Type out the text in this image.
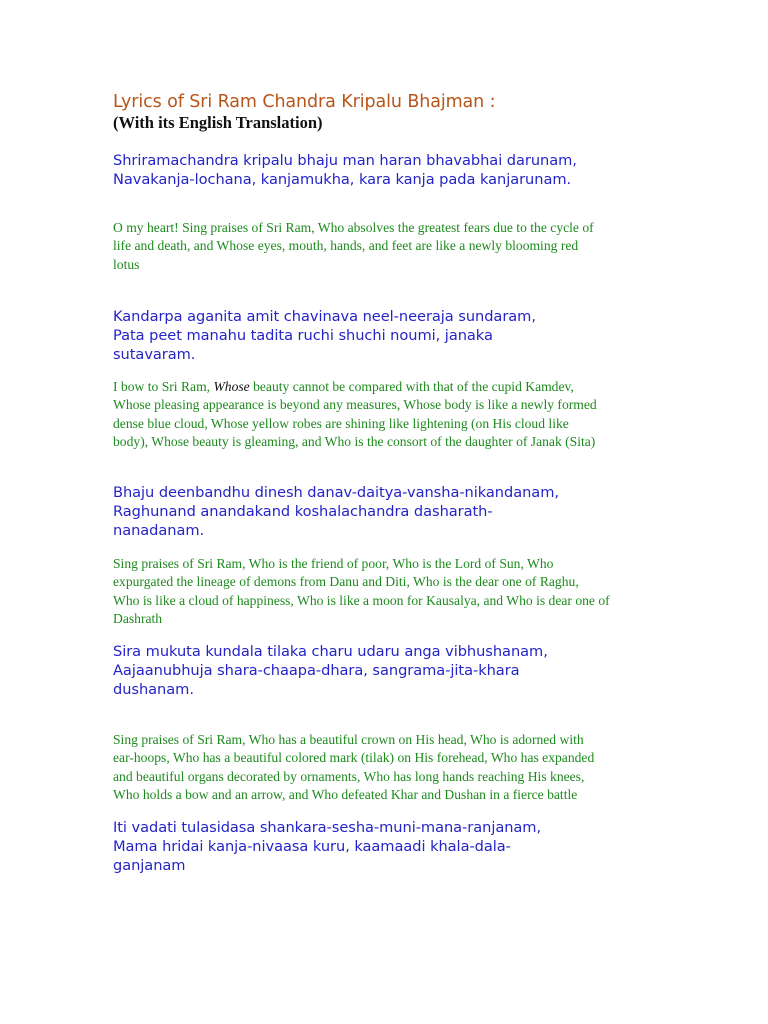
Lyrics of Sri Ram Chandra Kripalu Bhajman :
(With its English Translation)

Shriramachandra kripalu bhaju man haran bhavabhai darunam,
Navakanja-lochana, kanjamukha, kara kanja pada kanjarunam.

O my heart! Sing praises of Sri Ram, Who absolves the greatest fears due to the cycle of
life and death, and Whose eyes, mouth, hands, and feet are like a newly blooming red
lotus

Kandarpa aganita amit chavinava neel-neeraja sundaram,
Pata peet manahu tadita ruchi shuchi noumi, janaka
sutavaram.

I bow to Sri Ram, Whose beauty cannot be compared with that of the cupid Kamdev,
Whose pleasing appearance is beyond any measures, Whose body is like a newly formed
dense blue cloud, Whose yellow robes are shining like lightening (on His cloud like
body), Whose beauty is gleaming, and Who is the consort of the daughter of Janak (Sita)

Bhaju deenbandhu dinesh danav-daitya-vansha-nikandanam,
Raghunand anandakand koshalachandra dasharath-
nanadanam.

Sing praises of Sri Ram, Who is the friend of poor, Who is the Lord of Sun, Who
expurgated the lineage of demons from Danu and Diti, Who is the dear one of Raghu,
Who is like a cloud of happiness, Who is like a moon for Kausalya, and Who is dear one of
Dashrath

Sira mukuta kundala tilaka charu udaru anga vibhushanam,
Aajaanubhuja shara-chaapa-dhara, sangrama-jita-khara
dushanam.

Sing praises of Sri Ram, Who has a beautiful crown on His head, Who is adorned with
ear-hoops, Who has a beautiful colored mark (tilak) on His forehead, Who has expanded
and beautiful organs decorated by ornaments, Who has long hands reaching His knees,
Who holds a bow and an arrow, and Who defeated Khar and Dushan in a fierce battle

Iti vadati tulasidasa shankara-sesha-muni-mana-ranjanam,
Mama hridai kanja-nivaasa kuru, kaamaadi khala-dala-
ganjanam
